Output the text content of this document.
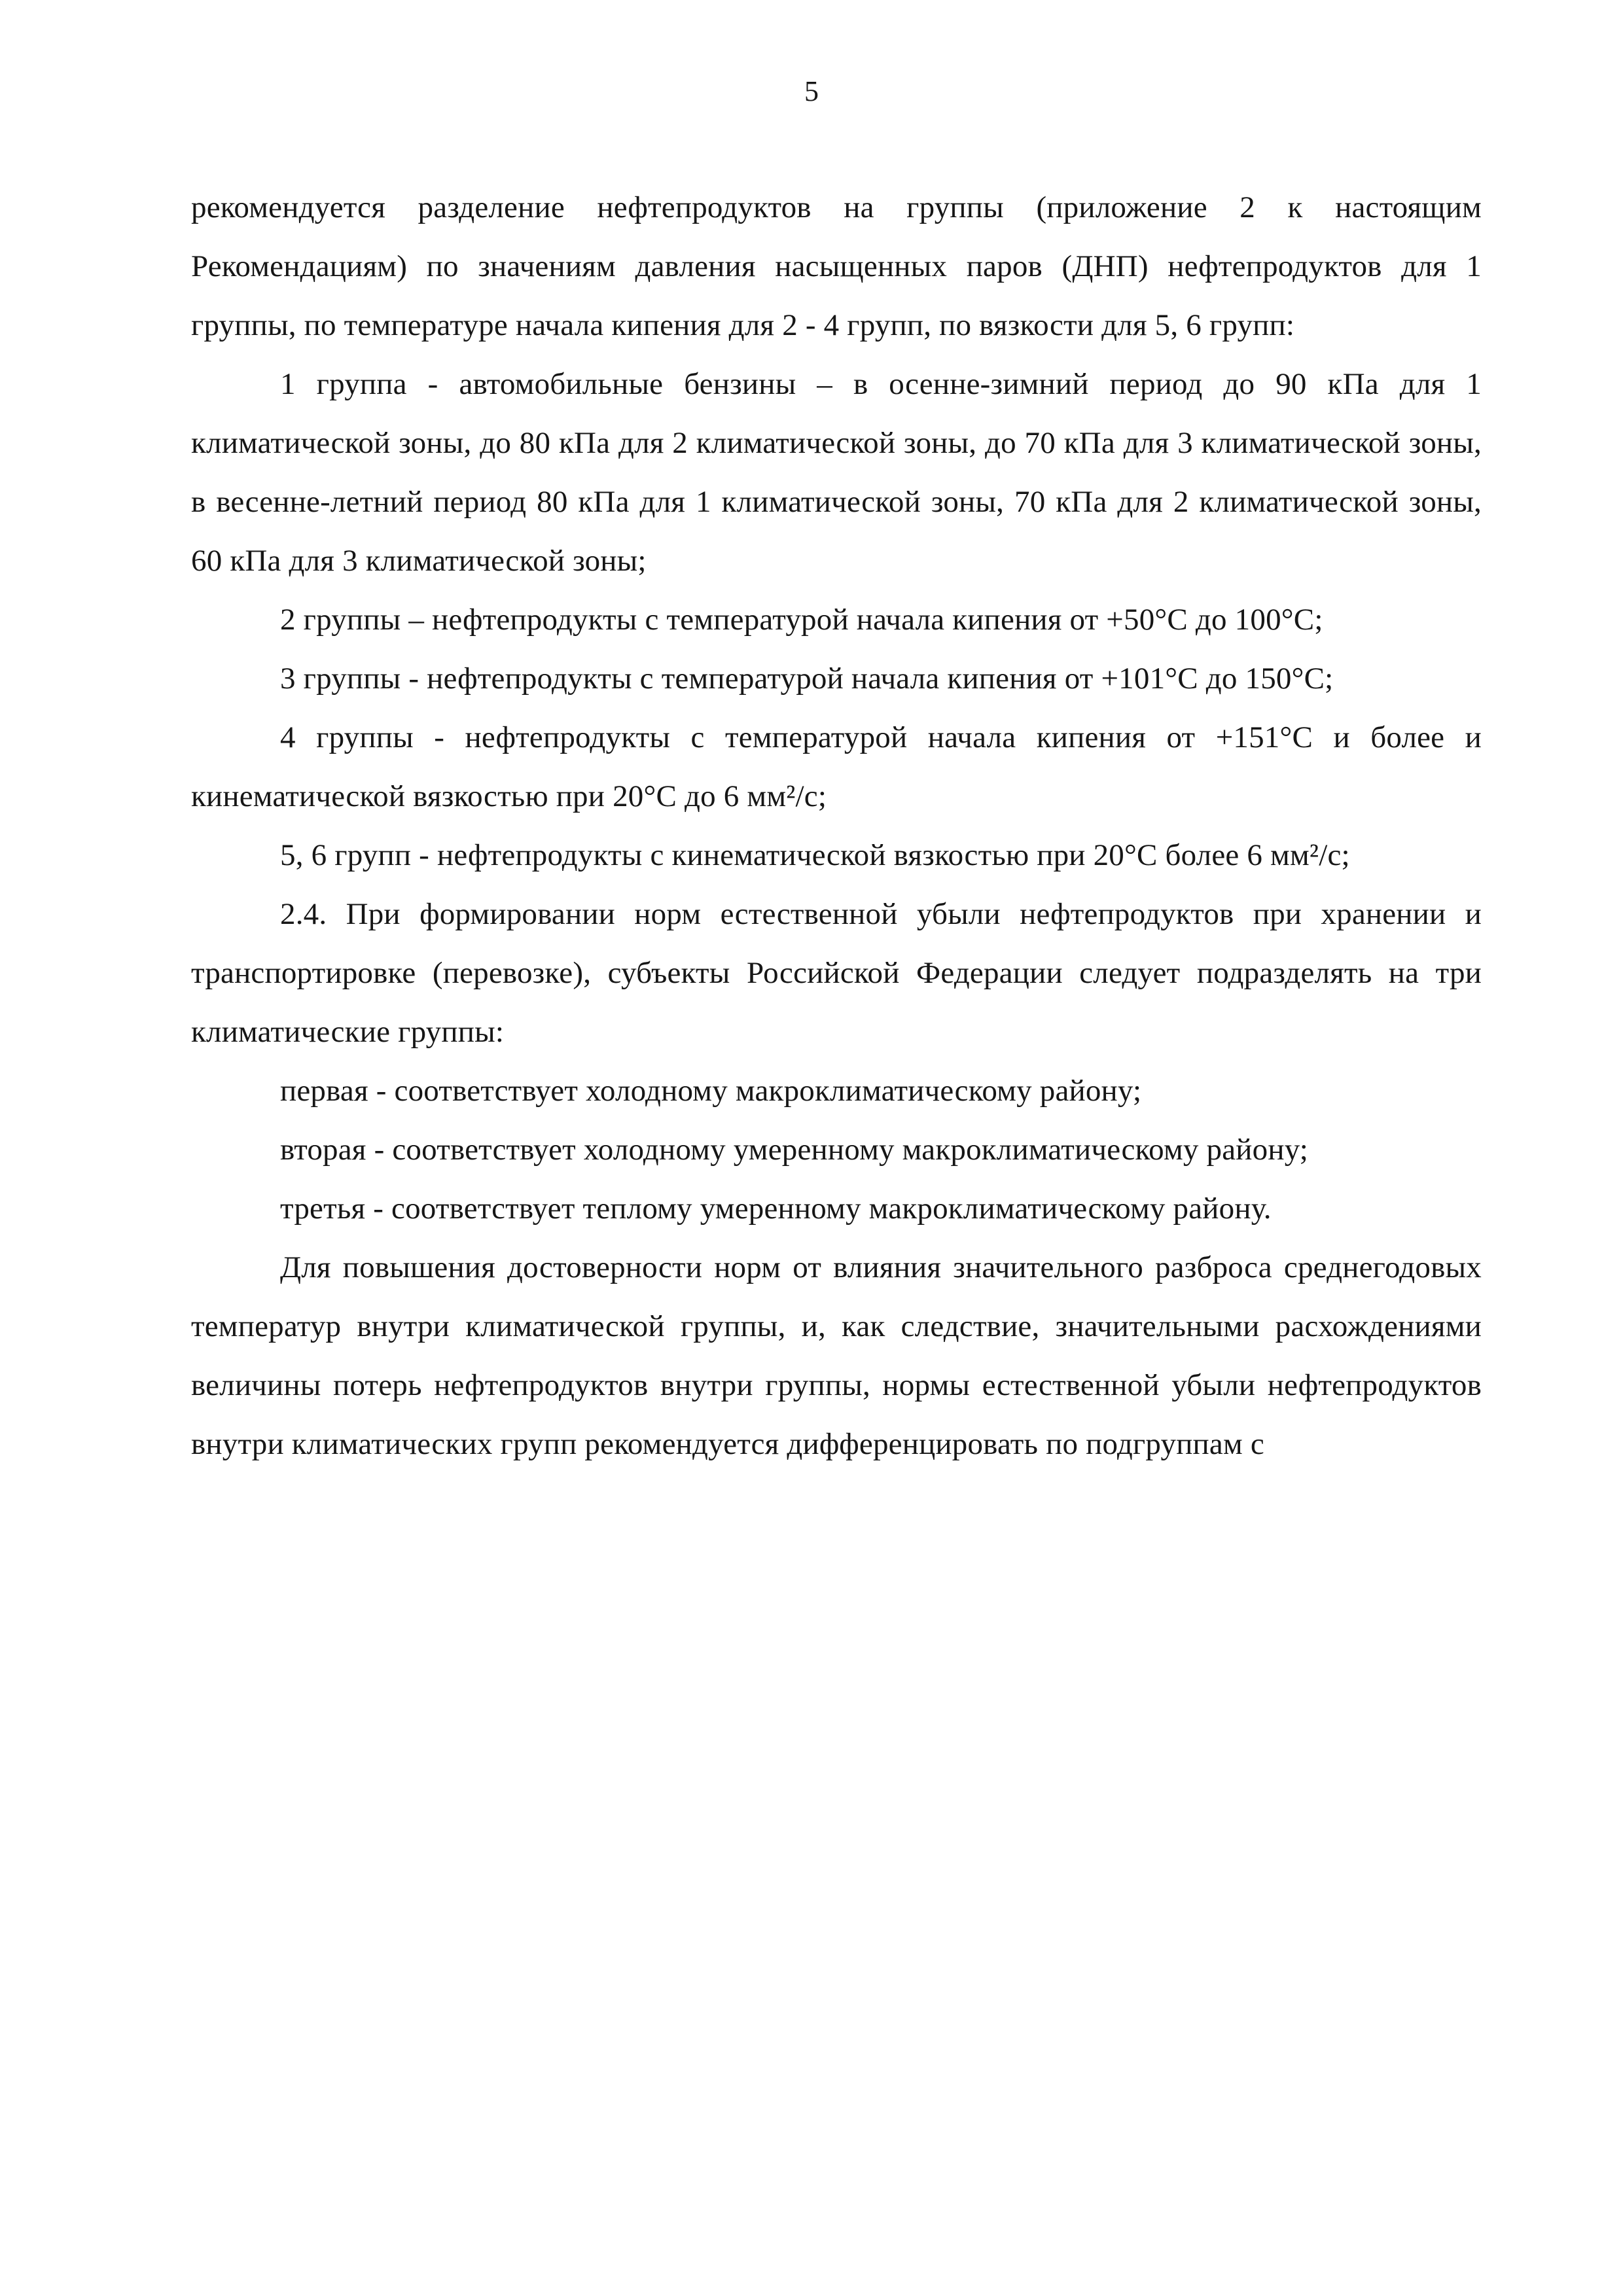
5

рекомендуется разделение нефтепродуктов на группы (приложение 2 к настоящим Рекомендациям) по значениям давления насыщенных паров (ДНП) нефтепродуктов для 1 группы, по температуре начала кипения для 2 - 4 групп, по вязкости для 5, 6 групп:

1 группа - автомобильные бензины – в осенне-зимний период до 90 кПа для 1 климатической зоны, до 80 кПа для 2 климатической зоны, до 70 кПа для 3 климатической зоны, в весенне-летний период 80 кПа для 1 климатической зоны, 70 кПа для 2 климатической зоны, 60 кПа для 3 климатической зоны;

2 группы – нефтепродукты с температурой начала кипения от +50°С до 100°С;

3 группы - нефтепродукты с температурой начала кипения от +101°С до 150°С;

4 группы - нефтепродукты с температурой начала кипения от +151°С и более и кинематической вязкостью при 20°С до 6 мм²/с;

5, 6 групп - нефтепродукты с кинематической вязкостью при 20°С более 6 мм²/с;

2.4. При формировании норм естественной убыли нефтепродуктов при хранении и транспортировке (перевозке), субъекты Российской Федерации следует подразделять на три климатические группы:

первая - соответствует холодному макроклиматическому району;

вторая - соответствует холодному умеренному макроклиматическому району;

третья - соответствует теплому умеренному макроклиматическому району.

Для повышения достоверности норм от влияния значительного разброса среднегодовых температур внутри климатической группы, и, как следствие, значительными расхождениями величины потерь нефтепродуктов внутри группы, нормы естественной убыли нефтепродуктов внутри климатических групп рекомендуется дифференцировать по подгруппам с
